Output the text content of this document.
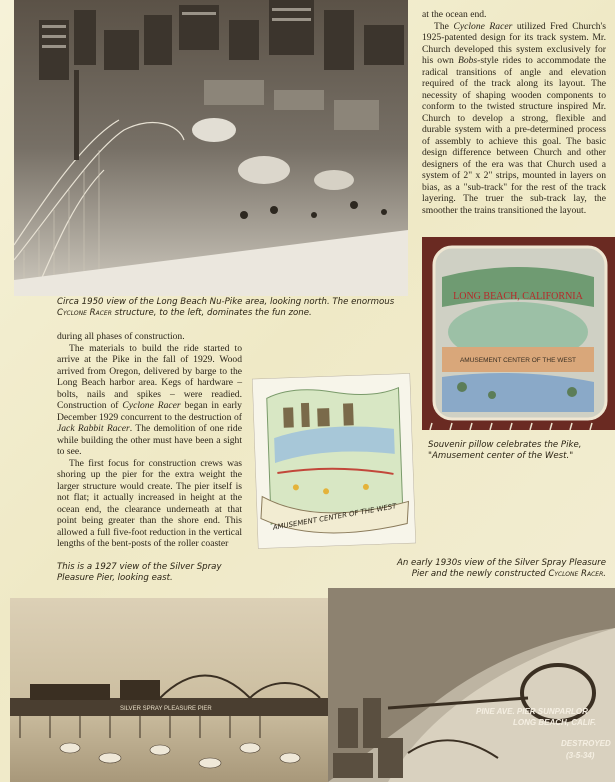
at the ocean end.

The Cyclone Racer utilized Fred Church's 1925-patented design for its track system. Mr. Church developed this system exclusively for his own Bobs-style rides to accommodate the radical transitions of angle and elevation required of the track along its layout. The necessity of shaping wooden components to conform to the twisted structure inspired Mr. Church to develop a strong, flexible and durable system with a pre-determined process of assembly to achieve this goal. The basic design difference between Church and other designers of the era was that Church used a system of 2" x 2" strips, mounted in layers on bias, as a "sub-track" for the rest of the track layering. The truer the sub-track lay, the smoother the trains transitioned the layout.

LONG BEACH, CALIFORNIA
AMUSEMENT CENTER OF THE WEST
Circa 1950 view of the Long Beach Nu-Pike area, looking north. The enormous Cyclone Racer structure, to the left, dominates the fun zone.

during all phases of construction.

The materials to build the ride started to arrive at the Pike in the fall of 1929. Wood arrived from Oregon, delivered by barge to the Long Beach harbor area. Kegs of hardware – bolts, nails and spikes – were readied. Construction of Cyclone Racer began in early December 1929 concurrent to the destruction of Jack Rabbit Racer. The demolition of one ride while building the other must have been a sight to see.

The first focus for construction crews was shoring up the pier for the extra weight the larger structure would create. The pier itself is not flat; it actually increased in height at the ocean end, the clearance underneath at that point being greater than the shore end. This allowed a full five-foot reduction in the vertical lengths of the bent-posts of the roller coaster

AMUSEMENT CENTER OF THE WEST
Souvenir pillow celebrates the Pike, "Amusement center of the West."
This is a 1927 view of the Silver Spray Pleasure Pier, looking east.
An early 1930s view of the Silver Spray Pleasure Pier and the newly constructed Cyclone Racer.
SILVER SPRAY PLEASURE PIER	PINE AVE. PIER SUNPARLOR
LONG BEACH, CALIF.
DESTROYED
(3-5-34)
